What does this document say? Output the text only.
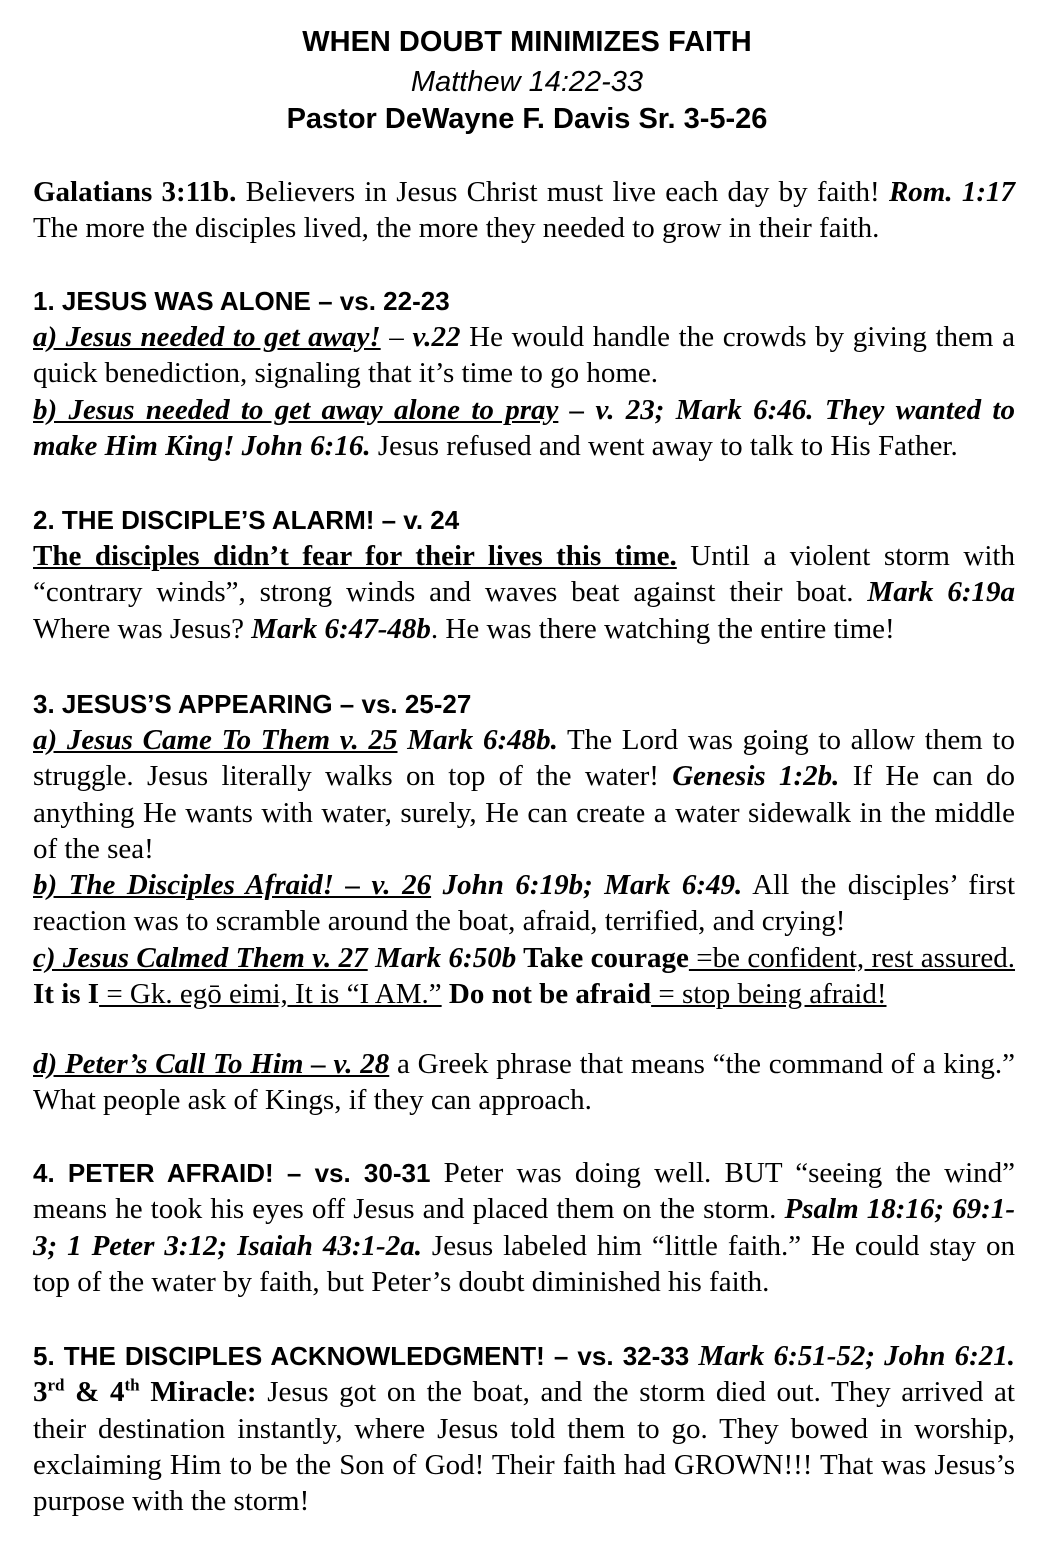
WHEN DOUBT MINIMIZES FAITH
Matthew 14:22-33
Pastor DeWayne F. Davis Sr. 3-5-26

Galatians 3:11b. Believers in Jesus Christ must live each day by faith! Rom. 1:17 The more the disciples lived, the more they needed to grow in their faith.

1. JESUS WAS ALONE – vs. 22-23
a) Jesus needed to get away! – v.22 He would handle the crowds by giving them a quick benediction, signaling that it’s time to go home.
b) Jesus needed to get away alone to pray – v. 23; Mark 6:46. They wanted to make Him King! John 6:16. Jesus refused and went away to talk to His Father.
2. THE DISCIPLE’S ALARM! – v. 24
The disciples didn’t fear for their lives this time. Until a violent storm with “contrary winds”, strong winds and waves beat against their boat. Mark 6:19a Where was Jesus? Mark 6:47-48b. He was there watching the entire time!
3. JESUS’S APPEARING – vs. 25-27
a) Jesus Came To Them v. 25 Mark 6:48b. The Lord was going to allow them to struggle. Jesus literally walks on top of the water! Genesis 1:2b. If He can do anything He wants with water, surely, He can create a water sidewalk in the middle of the sea!
b) The Disciples Afraid! – v. 26 John 6:19b; Mark 6:49. All the disciples’ first reaction was to scramble around the boat, afraid, terrified, and crying!
c) Jesus Calmed Them v. 27 Mark 6:50b Take courage =be confident, rest assured. It is I = Gk. egō eimi, It is “I AM.” Do not be afraid = stop being afraid!
d) Peter’s Call To Him – v. 28 a Greek phrase that means “the command of a king.” What people ask of Kings, if they can approach.
4. PETER AFRAID! – vs. 30-31 Peter was doing well. BUT “seeing the wind” means he took his eyes off Jesus and placed them on the storm. Psalm 18:16; 69:1-3; 1 Peter 3:12; Isaiah 43:1-2a. Jesus labeled him “little faith.” He could stay on top of the water by faith, but Peter’s doubt diminished his faith.
5. THE DISCIPLES ACKNOWLEDGMENT! – vs. 32-33 Mark 6:51-52; John 6:21. 3rd & 4th Miracle: Jesus got on the boat, and the storm died out. They arrived at their destination instantly, where Jesus told them to go. They bowed in worship, exclaiming Him to be the Son of God! Their faith had GROWN!!! That was Jesus’s purpose with the storm!
